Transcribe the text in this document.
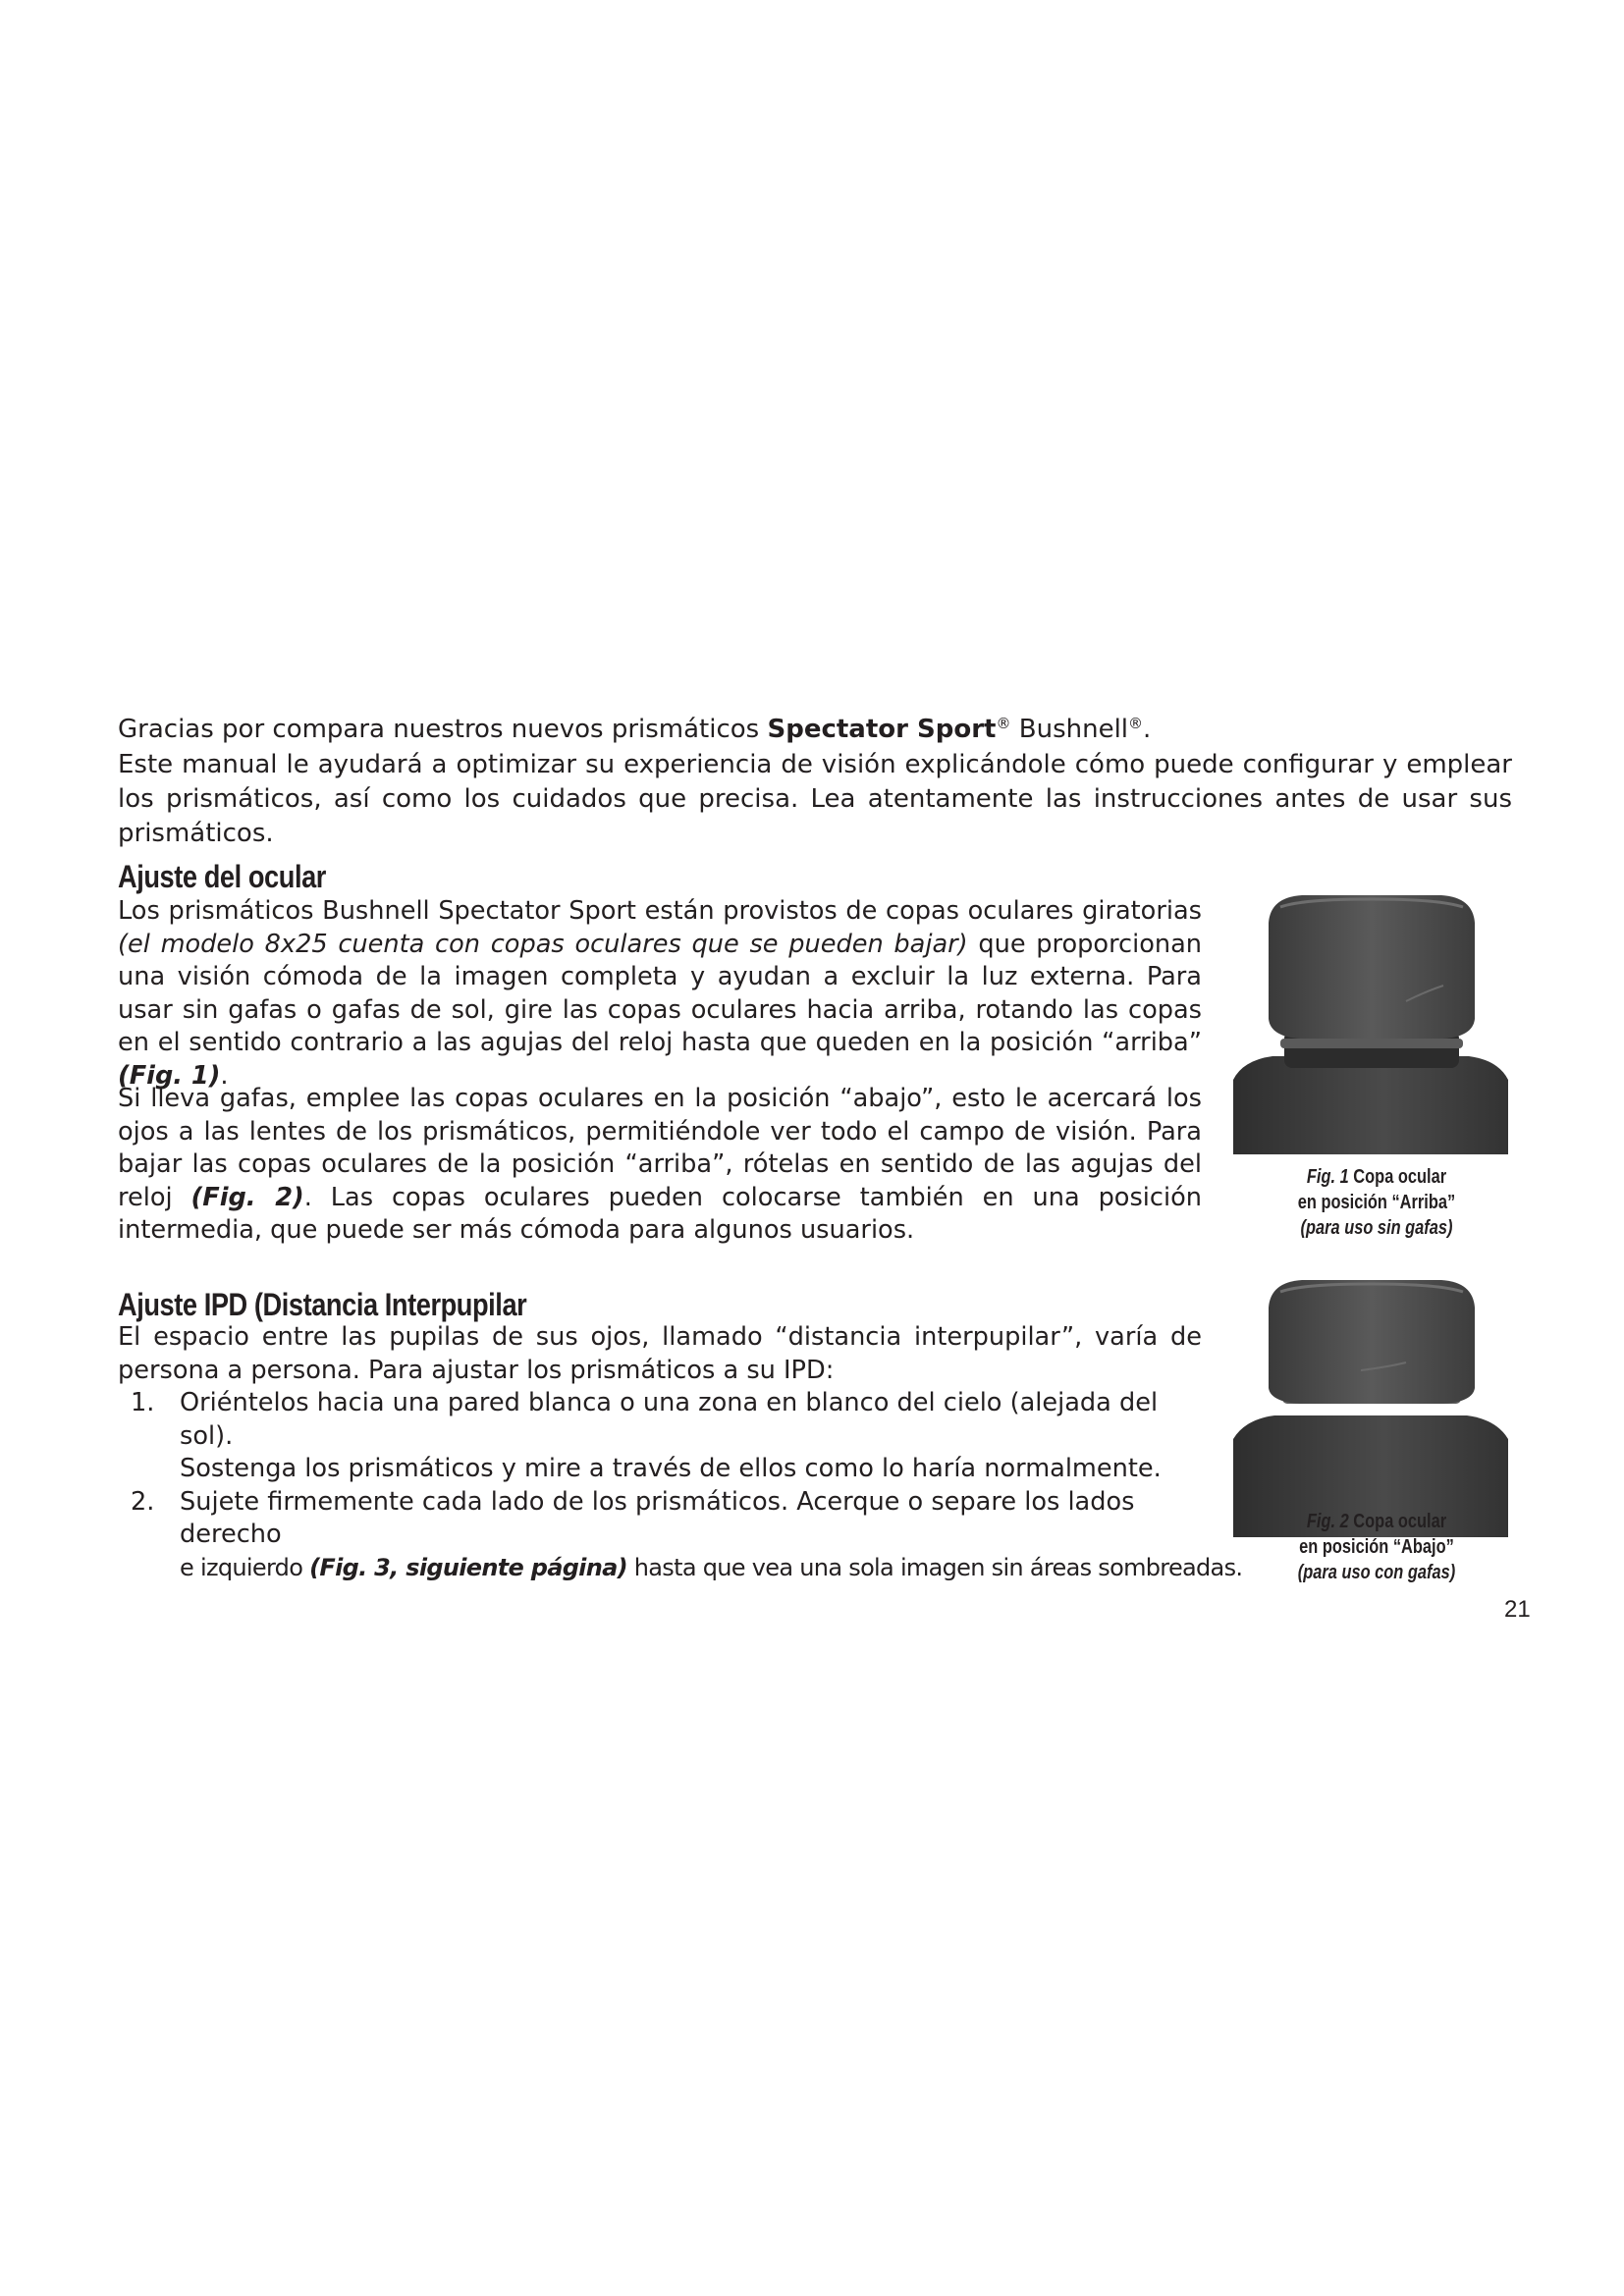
Gracias por compara nuestros nuevos prismáticos Spectator Sport® Bushnell®.

Este manual le ayudará a optimizar su experiencia de visión explicándole cómo puede configurar y emplear los prismáticos, así como los cuidados que precisa. Lea atentamente las instrucciones antes de usar sus prismáticos.

Ajuste del ocular

Los prismáticos Bushnell Spectator Sport están provistos de copas oculares giratorias (el modelo 8x25 cuenta con copas oculares que se pueden bajar) que proporcionan una visión cómoda de la imagen completa y ayudan a excluir la luz externa. Para usar sin gafas o gafas de sol, gire las copas oculares hacia arriba, rotando las copas en el sentido contrario a las agujas del reloj hasta que queden en la posición “arriba” (Fig. 1).

Si lleva gafas, emplee las copas oculares en la posición “abajo”, esto le acercará los ojos a las lentes de los prismáticos, permitiéndole ver todo el campo de visión. Para bajar las copas oculares de la posición “arriba”, rótelas en sentido de las agujas del reloj (Fig. 2). Las copas oculares pueden colocarse también en una posición intermedia, que puede ser más cómoda para algunos usuarios.

Ajuste IPD (Distancia Interpupilar

El espacio entre las pupilas de sus ojos, llamado “distancia interpupilar”, varía de persona a persona. Para ajustar los prismáticos a su IPD:

1. Oriéntelos hacia una pared blanca o una zona en blanco del cielo (alejada del sol).
Sostenga los prismáticos y mire a través de ellos como lo haría normalmente.
2. Sujete firmemente cada lado de los prismáticos. Acerque o separe los lados derecho
e izquierdo (Fig. 3, siguiente página) hasta que vea una sola imagen sin áreas sombreadas.
Fig. 1 Copa ocular
en posición “Arriba”
(para uso sin gafas)
Fig. 2 Copa ocular
en posición “Abajo”
(para uso con gafas)
21
